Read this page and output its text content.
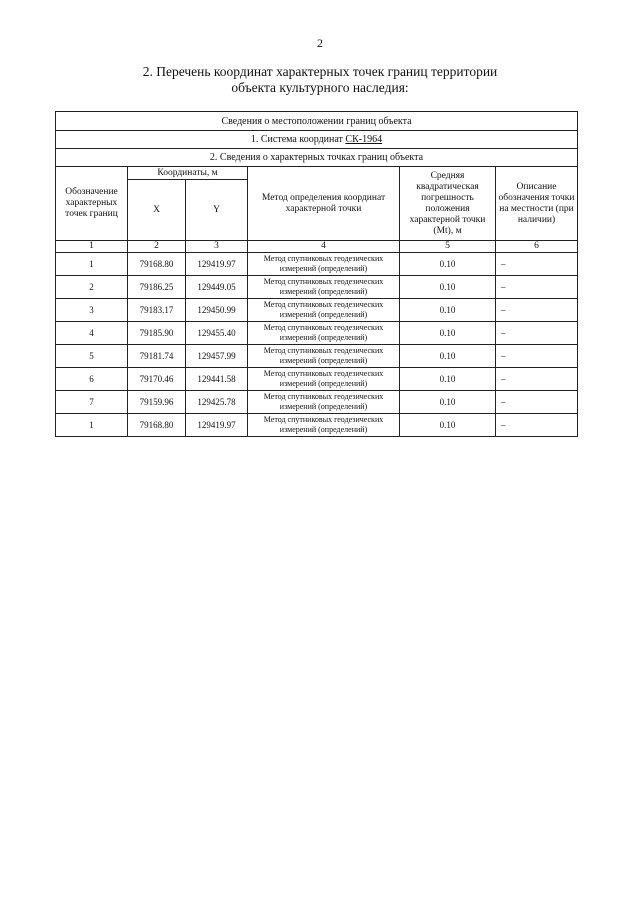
2
2. Перечень координат характерных точек границ территории
объекта культурного наследия:
Сведения о местоположении границ объекта					
1. Система координат СК-1964					
2. Сведения о характерных точках границ объекта					
Обозначение характерных точек границ	Координаты, м		Метод определения координат характерной точки	Средняя квадратическая погрешность положения характерной точки (Mt), м	Описание обозначения точки на местности (при наличии)
	X	Y			
1	2	3	4	5	6
1	79168.80	129419.97	Метод спутниковых геодезических измерений (определений)	0.10	–
2	79186.25	129449.05	Метод спутниковых геодезических измерений (определений)	0.10	–
3	79183.17	129450.99	Метод спутниковых геодезических измерений (определений)	0.10	–
4	79185.90	129455.40	Метод спутниковых геодезических измерений (определений)	0.10	–
5	79181.74	129457.99	Метод спутниковых геодезических измерений (определений)	0.10	–
6	79170.46	129441.58	Метод спутниковых геодезических измерений (определений)	0.10	–
7	79159.96	129425.78	Метод спутниковых геодезических измерений (определений)	0.10	–
1	79168.80	129419.97	Метод спутниковых геодезических измерений (определений)	0.10	–
